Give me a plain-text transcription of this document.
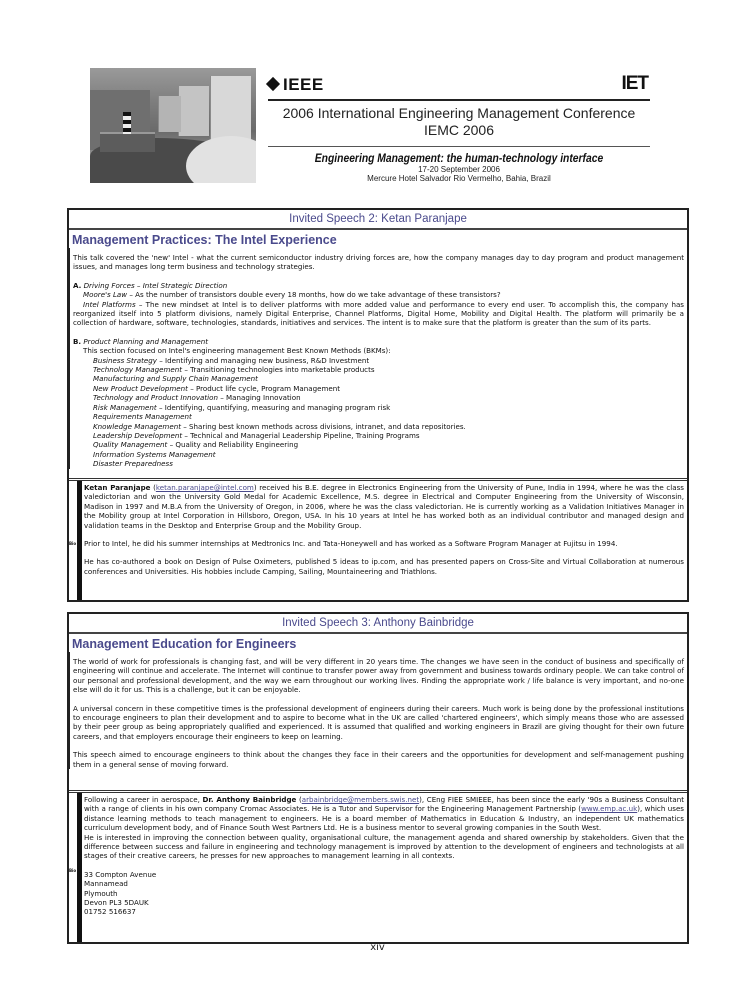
IEEE	IET
2006 International Engineering Management Conference
IEMC 2006
Engineering Management: the human-technology interface
17-20 September 2006
Mercure Hotel Salvador Rio Vermelho, Bahia, Brazil
Invited Speech 2: Ketan Paranjape
Management Practices: The Intel Experience

This talk covered the 'new' Intel - what the current semiconductor industry driving forces are, how the company manages day to day program and product management issues, and manages long term business and technology strategies.

A. Driving Forces – Intel Strategic Direction

Moore's Law – As the number of transistors double every 18 months, how do we take advantage of these transistors?

Intel Platforms – The new mindset at Intel is to deliver platforms with more added value and performance to every end user. To accomplish this, the company has reorganized itself into 5 platform divisions, namely Digital Enterprise, Channel Platforms, Digital Home, Mobility and Digital Health. The platform will primarily be a collection of hardware, software, technologies, standards, initiatives and services. The intent is to make sure that the platform is greater than the sum of its parts.

B. Product Planning and Management

This section focused on Intel's engineering management Best Known Methods (BKMs):

Business Strategy – Identifying and managing new business, R&D Investment

Technology Management – Transitioning technologies into marketable products

Manufacturing and Supply Chain Management

New Product Development – Product life cycle, Program Management

Technology and Product Innovation – Managing Innovation

Risk Management – Identifying, quantifying, measuring and managing program risk

Requirements Management

Knowledge Management – Sharing best known methods across divisions, intranet, and data repositories.

Leadership Development – Technical and Managerial Leadership Pipeline, Training Programs

Quality Management – Quality and Reliability Engineering

Information Systems Management

Disaster Preparedness

Bio

Ketan Paranjape (ketan.paranjape@intel.com) received his B.E. degree in Electronics Engineering from the University of Pune, India in 1994, where he was the class valedictorian and won the University Gold Medal for Academic Excellence, M.S. degree in Electrical and Computer Engineering from the University of Wisconsin, Madison in 1997 and M.B.A from the University of Oregon, in 2006, where he was the class valedictorian. He is currently working as a Validation Initiatives Manager in the Mobility group at Intel Corporation in Hillsboro, Oregon, USA. In his 10 years at Intel he has worked both as an individual contributor and managed design and validation teams in the Desktop and Enterprise Group and the Mobility Group.

Prior to Intel, he did his summer internships at Medtronics Inc. and Tata-Honeywell and has worked as a Software Program Manager at Fujitsu in 1994.

He has co-authored a book on Design of Pulse Oximeters, published 5 ideas to ip.com, and has presented papers on Cross-Site and Virtual Collaboration at numerous conferences and Universities. His hobbies include Camping, Sailing, Mountaineering and Triathlons.

Invited Speech 3: Anthony Bainbridge
Management Education for Engineers

The world of work for professionals is changing fast, and will be very different in 20 years time. The changes we have seen in the conduct of business and specifically of engineering will continue and accelerate. The Internet will continue to transfer power away from government and business towards ordinary people. We can take control of our personal and professional development, and the way we earn throughout our working lives. Finding the appropriate work / life balance is very important, and no-one else will do it for us. This is a challenge, but it can be enjoyable.

A universal concern in these competitive times is the professional development of engineers during their careers. Much work is being done by the professional institutions to encourage engineers to plan their development and to aspire to become what in the UK are called 'chartered engineers', which simply means those who are assessed by their peer group as being appropriately qualified and experienced. It is assumed that qualified and working engineers in Brazil are giving thought for their own future careers, and that employers encourage their engineers to keep on learning.

This speech aimed to encourage engineers to think about the changes they face in their careers and the opportunities for development and self-management pushing them in a general sense of moving forward.

Bio

Following a career in aerospace, Dr. Anthony Bainbridge (arbainbridge@members.swis.net), CEng FIEE SMIEEE, has been since the early '90s a Business Consultant with a range of clients in his own company Cromac Associates. He is a Tutor and Supervisor for the Engineering Management Partnership (www.emp.ac.uk), which uses distance learning methods to teach management to engineers. He is a board member of Mathematics in Education & Industry, an independent UK mathematics curriculum development body, and of Finance South West Partners Ltd. He is a business mentor to several growing companies in the South West.

He is interested in improving the connection between quality, organisational culture, the management agenda and shared ownership by stakeholders. Given that the difference between success and failure in engineering and technology management is improved by attention to the development of engineers and technologists at all stages of their creative careers, he presses for new approaches to management learning in all contexts.

33 Compton Avenue

Mannamead

Plymouth

Devon PL3 5DAUK

01752 516637

xiv
